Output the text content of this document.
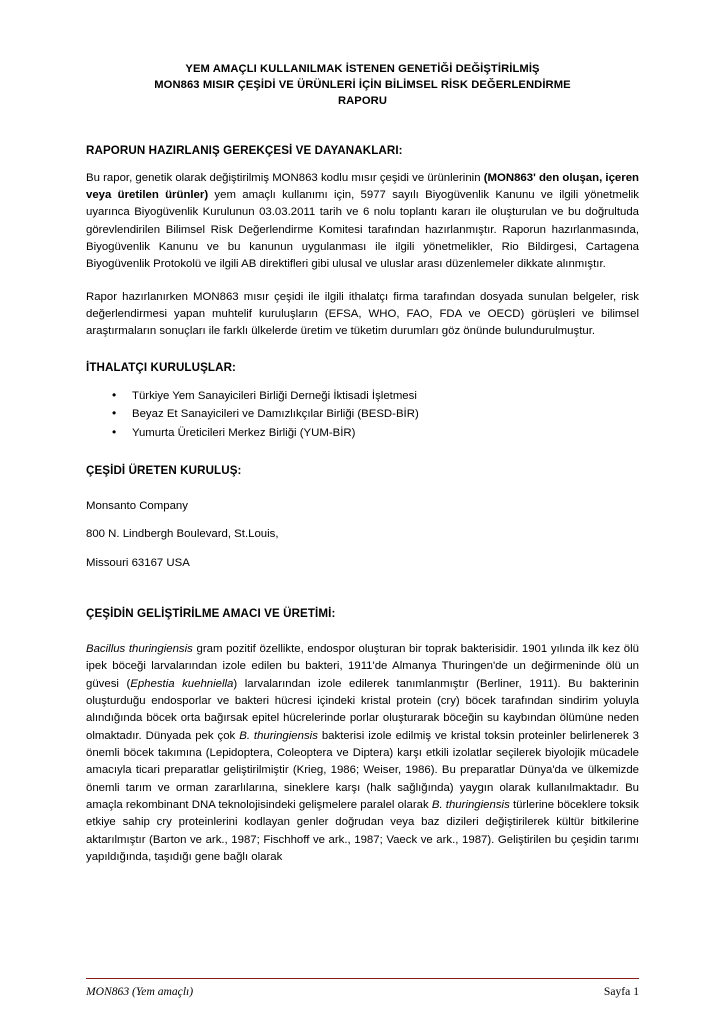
YEM AMAÇLI KULLANILMAK İSTENEN GENETİĞİ DEĞİŞTİRİLMİŞ
MON863 MISIR ÇEŞİDİ VE ÜRÜNLERİ İÇİN BİLİMSEL RİSK DEĞERLENDİRME
RAPORU
RAPORUN HAZIRLANIŞ GEREKÇESİ VE DAYANAKLARI:

Bu rapor, genetik olarak değiştirilmiş MON863 kodlu mısır çeşidi ve ürünlerinin (MON863' den oluşan, içeren veya üretilen ürünler) yem amaçlı kullanımı için, 5977 sayılı Biyogüvenlik Kanunu ve ilgili yönetmelik uyarınca Biyogüvenlik Kurulunun 03.03.2011 tarih ve 6 nolu toplantı kararı ile oluşturulan ve bu doğrultuda görevlendirilen Bilimsel Risk Değerlendirme Komitesi tarafından hazırlanmıştır. Raporun hazırlanmasında, Biyogüvenlik Kanunu ve bu kanunun uygulanması ile ilgili yönetmelikler, Rio Bildirgesi, Cartagena Biyogüvenlik Protokolü ve ilgili AB direktifleri gibi ulusal ve uluslar arası düzenlemeler dikkate alınmıştır.

Rapor hazırlanırken MON863 mısır çeşidi ile ilgili ithalatçı firma tarafından dosyada sunulan belgeler, risk değerlendirmesi yapan muhtelif kuruluşların (EFSA, WHO, FAO, FDA ve OECD) görüşleri ve bilimsel araştırmaların sonuçları ile farklı ülkelerde üretim ve tüketim durumları göz önünde bulundurulmuştur.

İTHALATÇI KURULUŞLAR:
• Türkiye Yem Sanayicileri Birliği Derneği İktisadi İşletmesi
• Beyaz Et Sanayicileri ve Damızlıkçılar Birliği (BESD-BİR)
• Yumurta Üreticileri Merkez Birliği (YUM-BİR)
ÇEŞİDİ ÜRETEN KURULUŞ:

Monsanto Company

800 N. Lindbergh Boulevard, St.Louis,

Missouri 63167 USA

ÇEŞİDİN GELİŞTİRİLME AMACI VE ÜRETİMİ:

Bacillus thuringiensis gram pozitif özellikte, endospor oluşturan bir toprak bakterisidir. 1901 yılında ilk kez ölü ipek böceği larvalarından izole edilen bu bakteri, 1911'de Almanya Thuringen'de un değirmeninde ölü un güvesi (Ephestia kuehniella) larvalarından izole edilerek tanımlanmıştır (Berliner, 1911). Bu bakterinin oluşturduğu endosporlar ve bakteri hücresi içindeki kristal protein (cry) böcek tarafından sindirim yoluyla alındığında böcek orta bağırsak epitel hücrelerinde porlar oluşturarak böceğin su kaybından ölümüne neden olmaktadır. Dünyada pek çok B. thuringiensis bakterisi izole edilmiş ve kristal toksin proteinler belirlenerek 3 önemli böcek takımına (Lepidoptera, Coleoptera ve Diptera) karşı etkili izolatlar seçilerek biyolojik mücadele amacıyla ticari preparatlar geliştirilmiştir (Krieg, 1986; Weiser, 1986). Bu preparatlar Dünya'da ve ülkemizde önemli tarım ve orman zararlılarına, sineklere karşı (halk sağlığında) yaygın olarak kullanılmaktadır. Bu amaçla rekombinant DNA teknolojisindeki gelişmelere paralel olarak B. thuringiensis türlerine böceklere toksik etkiye sahip cry proteinlerini kodlayan genler doğrudan veya baz dizileri değiştirilerek kültür bitkilerine aktarılmıştır (Barton ve ark., 1987; Fischhoff ve ark., 1987; Vaeck ve ark., 1987). Geliştirilen bu çeşidin tarımı yapıldığında, taşıdığı gene bağlı olarak

MON863 (Yem amaçlı)	Sayfa 1
